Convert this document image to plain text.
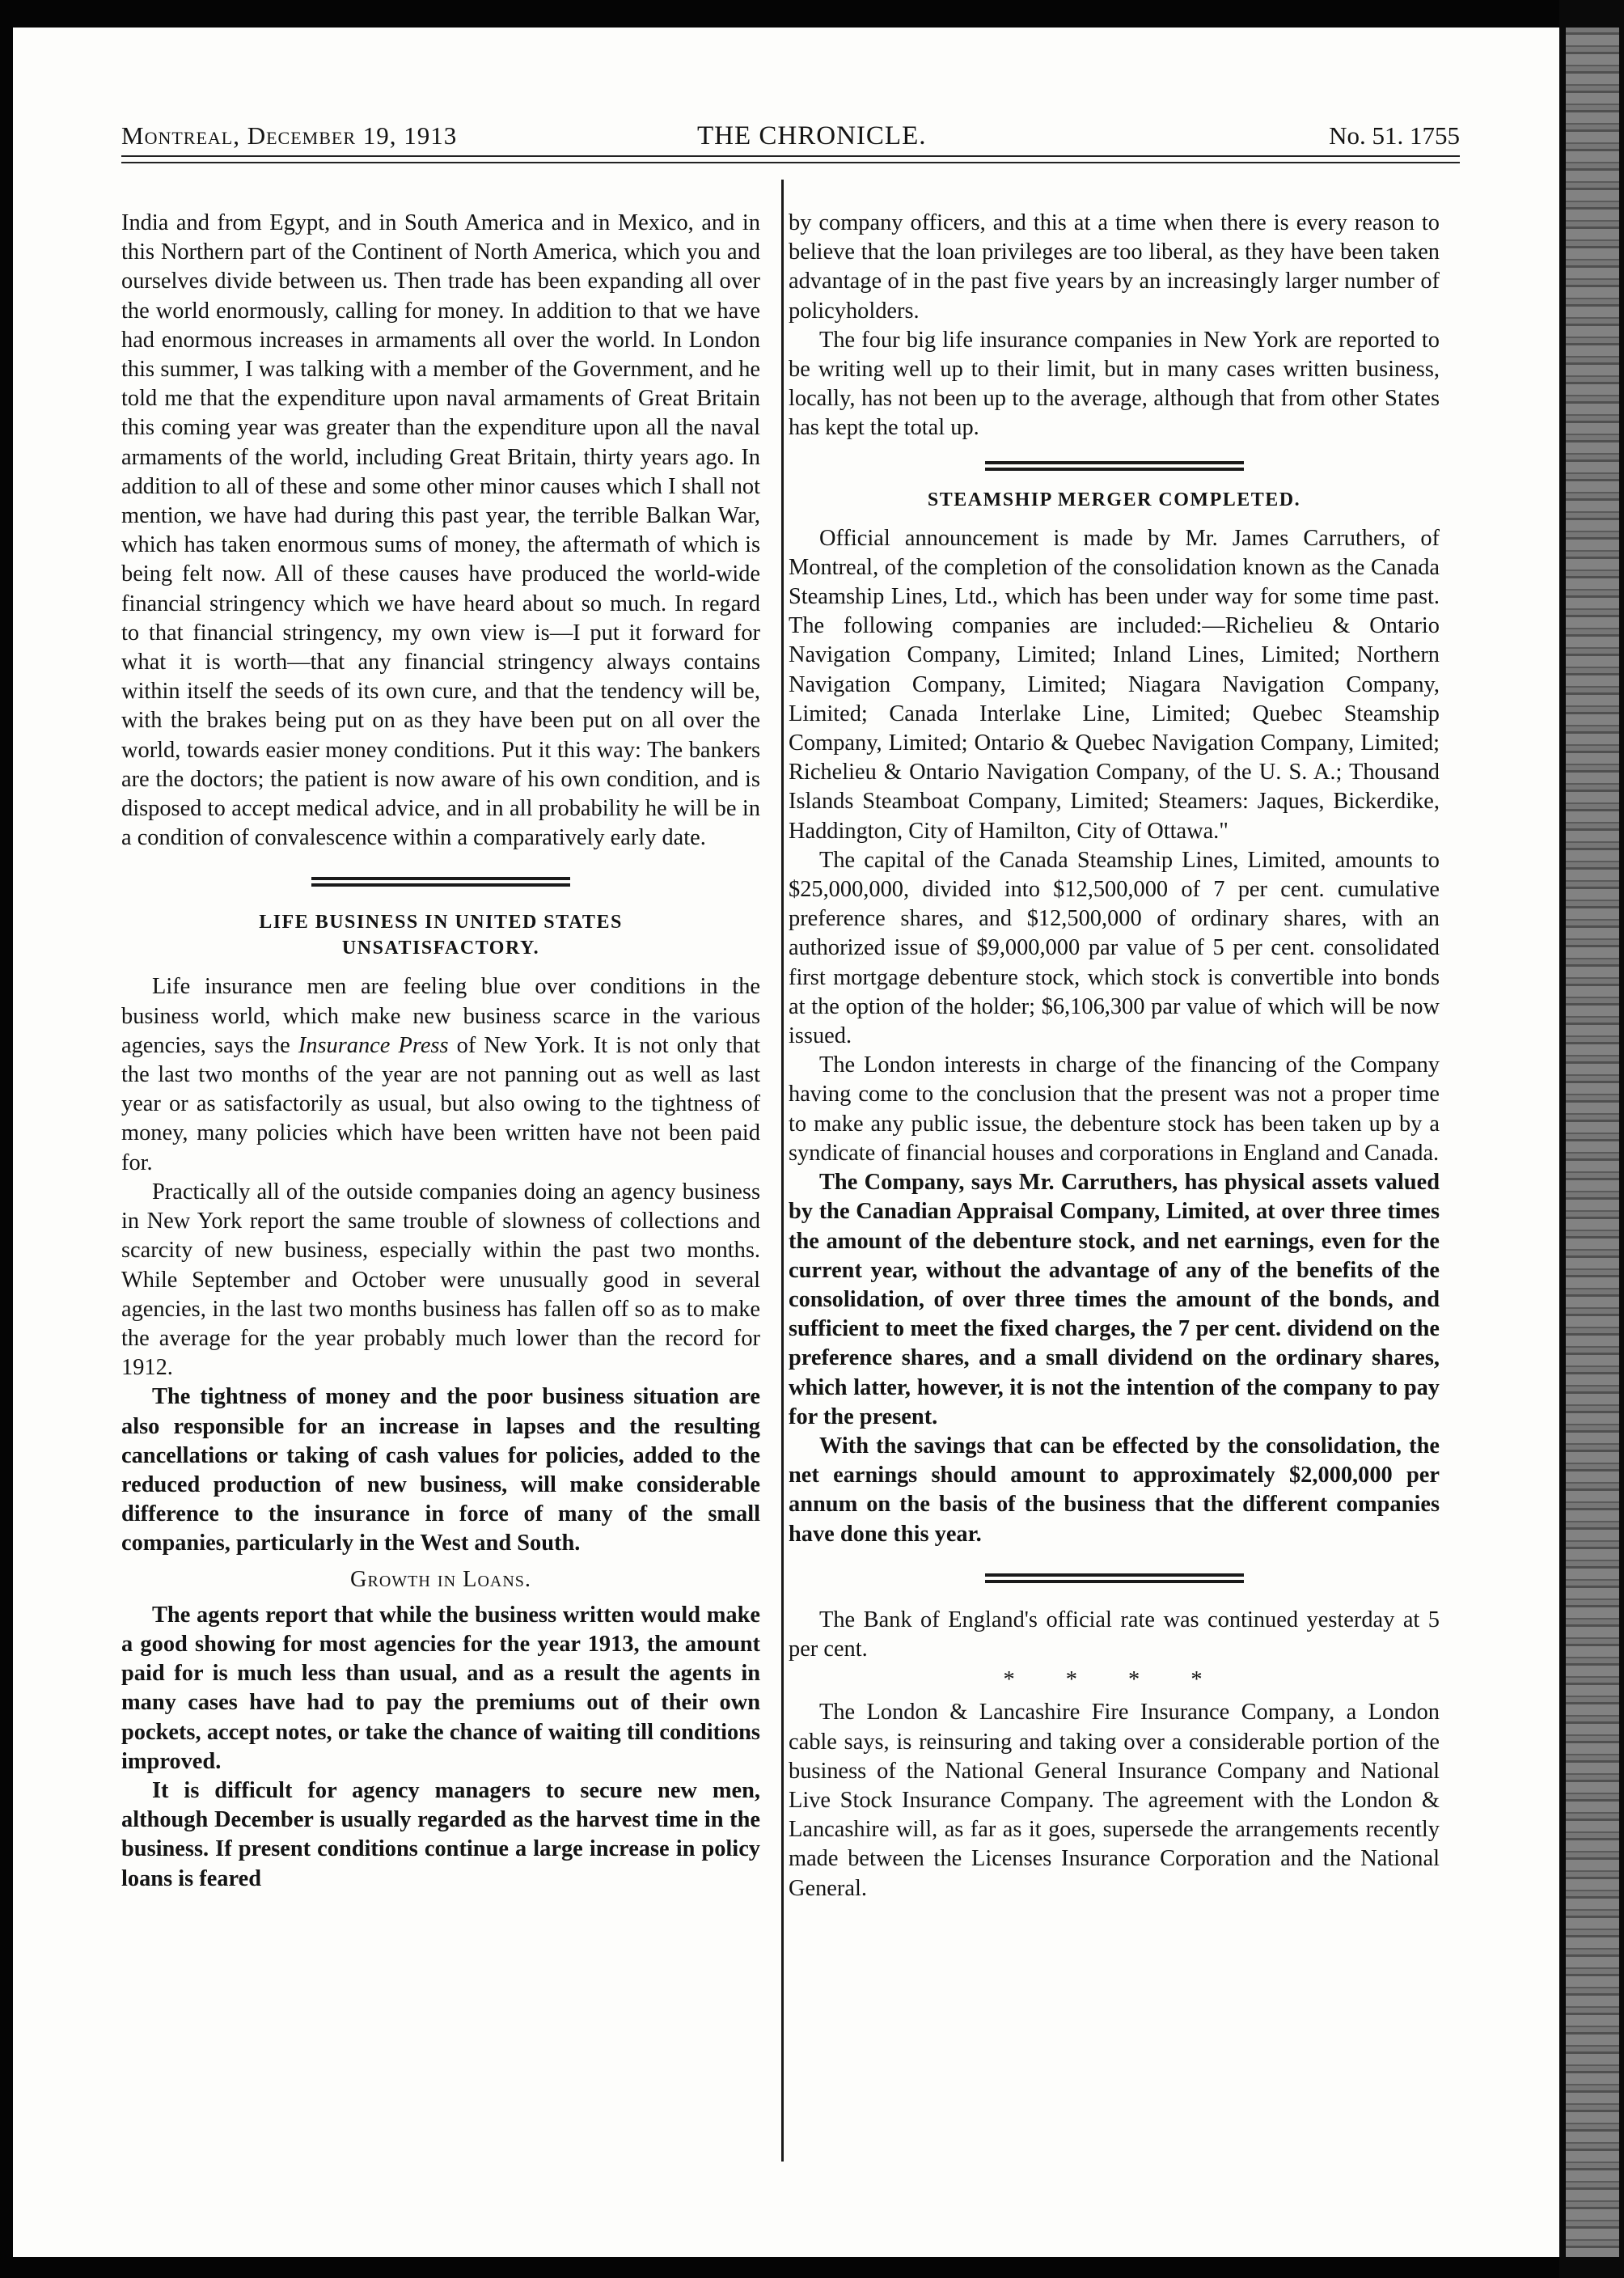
Montreal, December 19, 1913	THE CHRONICLE.	No. 51. 1755

India and from Egypt, and in South America and in Mexico, and in this Northern part of the Continent of North America, which you and ourselves divide between us. Then trade has been expanding all over the world enormously, calling for money. In addition to that we have had enormous increases in armaments all over the world. In London this summer, I was talking with a member of the Government, and he told me that the expenditure upon naval armaments of Great Britain this coming year was greater than the expenditure upon all the naval armaments of the world, including Great Britain, thirty years ago. In addition to all of these and some other minor causes which I shall not mention, we have had during this past year, the terrible Balkan War, which has taken enormous sums of money, the aftermath of which is being felt now. All of these causes have produced the world-wide financial stringency which we have heard about so much. In regard to that financial stringency, my own view is—I put it forward for what it is worth—that any financial stringency always contains within itself the seeds of its own cure, and that the tendency will be, with the brakes being put on as they have been put on all over the world, towards easier money conditions. Put it this way: The bankers are the doctors; the patient is now aware of his own condition, and is disposed to accept medical advice, and in all probability he will be in a condition of convalescence within a comparatively early date.

LIFE BUSINESS IN UNITED STATES
UNSATISFACTORY.

Life insurance men are feeling blue over conditions in the business world, which make new business scarce in the various agencies, says the Insurance Press of New York. It is not only that the last two months of the year are not panning out as well as last year or as satisfactorily as usual, but also owing to the tightness of money, many policies which have been written have not been paid for.

Practically all of the outside companies doing an agency business in New York report the same trouble of slowness of collections and scarcity of new business, especially within the past two months. While September and October were unusually good in several agencies, in the last two months business has fallen off so as to make the average for the year probably much lower than the record for 1912.

The tightness of money and the poor business situation are also responsible for an increase in lapses and the resulting cancellations or taking of cash values for policies, added to the reduced production of new business, will make considerable difference to the insurance in force of many of the small companies, particularly in the West and South.

Growth in Loans.

The agents report that while the business written would make a good showing for most agencies for the year 1913, the amount paid for is much less than usual, and as a result the agents in many cases have had to pay the premiums out of their own pockets, accept notes, or take the chance of waiting till conditions improved.

It is difficult for agency managers to secure new men, although December is usually regarded as the harvest time in the business. If present conditions continue a large increase in policy loans is feared

by company officers, and this at a time when there is every reason to believe that the loan privileges are too liberal, as they have been taken advantage of in the past five years by an increasingly larger number of policyholders.

The four big life insurance companies in New York are reported to be writing well up to their limit, but in many cases written business, locally, has not been up to the average, although that from other States has kept the total up.

STEAMSHIP MERGER COMPLETED.

Official announcement is made by Mr. James Carruthers, of Montreal, of the completion of the consolidation known as the Canada Steamship Lines, Ltd., which has been under way for some time past. The following companies are included:—Richelieu & Ontario Navigation Company, Limited; Inland Lines, Limited; Northern Navigation Company, Limited; Niagara Navigation Company, Limited; Canada Interlake Line, Limited; Quebec Steamship Company, Limited; Ontario & Quebec Navigation Company, Limited; Richelieu & Ontario Navigation Company, of the U. S. A.; Thousand Islands Steamboat Company, Limited; Steamers: Jaques, Bickerdike, Haddington, City of Hamilton, City of Ottawa."

The capital of the Canada Steamship Lines, Limited, amounts to $25,000,000, divided into $12,500,000 of 7 per cent. cumulative preference shares, and $12,500,000 of ordinary shares, with an authorized issue of $9,000,000 par value of 5 per cent. consolidated first mortgage debenture stock, which stock is convertible into bonds at the option of the holder; $6,106,300 par value of which will be now issued.

The London interests in charge of the financing of the Company having come to the conclusion that the present was not a proper time to make any public issue, the debenture stock has been taken up by a syndicate of financial houses and corporations in England and Canada.

The Company, says Mr. Carruthers, has physical assets valued by the Canadian Appraisal Company, Limited, at over three times the amount of the debenture stock, and net earnings, even for the current year, without the advantage of any of the benefits of the consolidation, of over three times the amount of the bonds, and sufficient to meet the fixed charges, the 7 per cent. dividend on the preference shares, and a small dividend on the ordinary shares, which latter, however, it is not the intention of the company to pay for the present.

With the savings that can be effected by the consolidation, the net earnings should amount to approximately $2,000,000 per annum on the basis of the business that the different companies have done this year.

The Bank of England's official rate was continued yesterday at 5 per cent.

* * * *

The London & Lancashire Fire Insurance Company, a London cable says, is reinsuring and taking over a considerable portion of the business of the National General Insurance Company and National Live Stock Insurance Company. The agreement with the London & Lancashire will, as far as it goes, supersede the arrangements recently made between the Licenses Insurance Corporation and the National General.
